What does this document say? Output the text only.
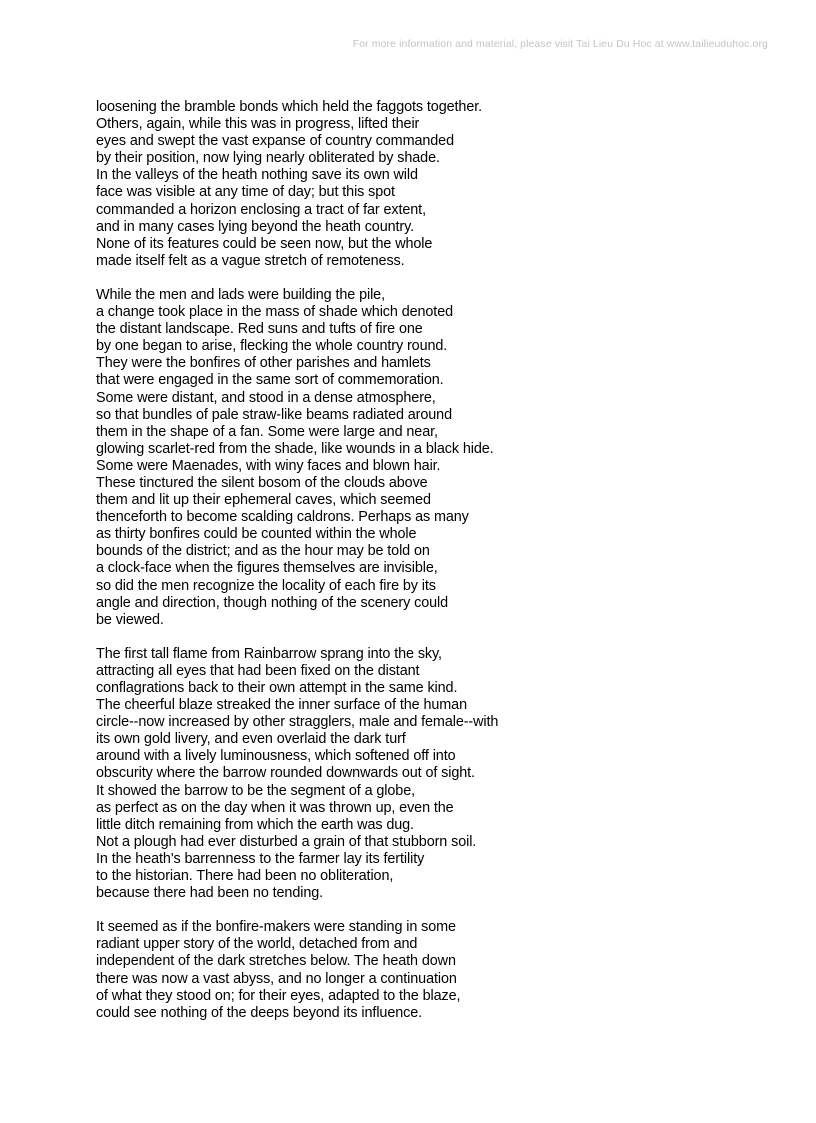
For more information and material, please visit Tai Lieu Du Hoc at www.tailieuduhoc.org
loosening the bramble bonds which held the faggots together.
Others, again, while this was in progress, lifted their
eyes and swept the vast expanse of country commanded
by their position, now lying nearly obliterated by shade.
In the valleys of the heath nothing save its own wild
face was visible at any time of day; but this spot
commanded a horizon enclosing a tract of far extent,
and in many cases lying beyond the heath country.
None of its features could be seen now, but the whole
made itself felt as a vague stretch of remoteness.
While the men and lads were building the pile,
a change took place in the mass of shade which denoted
the distant landscape. Red suns and tufts of fire one
by one began to arise, flecking the whole country round.
They were the bonfires of other parishes and hamlets
that were engaged in the same sort of commemoration.
Some were distant, and stood in a dense atmosphere,
so that bundles of pale straw-like beams radiated around
them in the shape of a fan. Some were large and near,
glowing scarlet-red from the shade, like wounds in a black hide.
Some were Maenades, with winy faces and blown hair.
These tinctured the silent bosom of the clouds above
them and lit up their ephemeral caves, which seemed
thenceforth to become scalding caldrons. Perhaps as many
as thirty bonfires could be counted within the whole
bounds of the district; and as the hour may be told on
a clock-face when the figures themselves are invisible,
so did the men recognize the locality of each fire by its
angle and direction, though nothing of the scenery could
be viewed.
The first tall flame from Rainbarrow sprang into the sky,
attracting all eyes that had been fixed on the distant
conflagrations back to their own attempt in the same kind.
The cheerful blaze streaked the inner surface of the human
circle--now increased by other stragglers, male and female--with
its own gold livery, and even overlaid the dark turf
around with a lively luminousness, which softened off into
obscurity where the barrow rounded downwards out of sight.
It showed the barrow to be the segment of a globe,
as perfect as on the day when it was thrown up, even the
little ditch remaining from which the earth was dug.
Not a plough had ever disturbed a grain of that stubborn soil.
In the heath's barrenness to the farmer lay its fertility
to the historian. There had been no obliteration,
because there had been no tending.
It seemed as if the bonfire-makers were standing in some
radiant upper story of the world, detached from and
independent of the dark stretches below. The heath down
there was now a vast abyss, and no longer a continuation
of what they stood on; for their eyes, adapted to the blaze,
could see nothing of the deeps beyond its influence.
